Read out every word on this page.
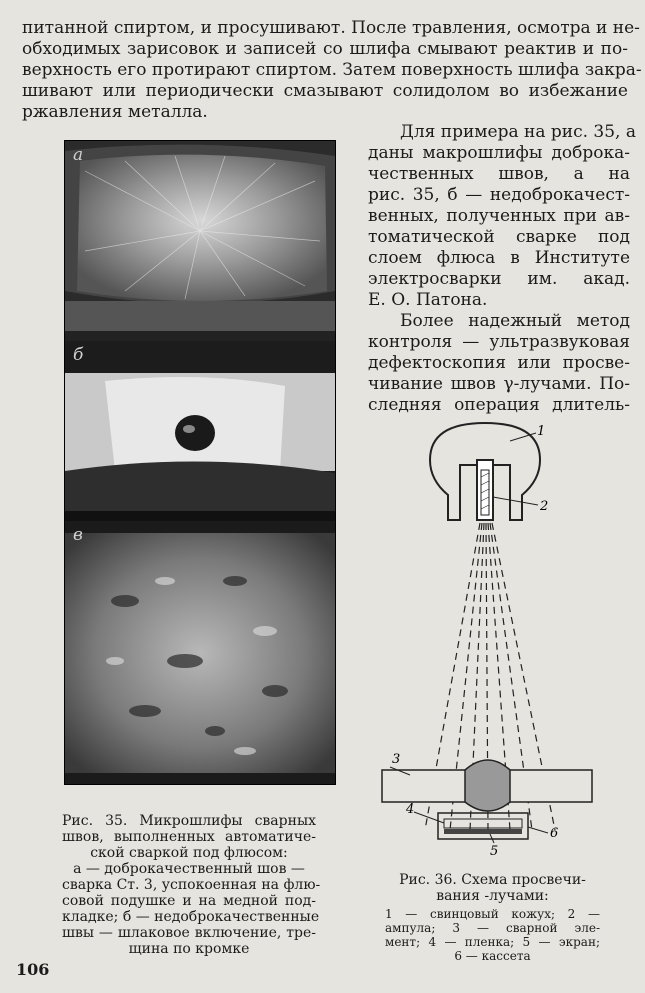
питанной спиртом, и просушивают. После травления, осмотра и не-
обходимых зарисовок и записей со шлифа смывают реактив и по-
верхность его протирают спиртом. Затем поверхность шлифа закра-
шивают или периодически смазывают солидолом во избежание
ржавления металла.
Для примера на рис. 35, а
даны макрошлифы доброка-
чественных швов, а на
рис. 35, б — недоброкачест-
венных, полученных при ав-
томатической сварке под
слоем флюса в Институте
электросварки им. акад.
Е. О. Патона.
Более надежный метод
контроля — ультразвуковая
дефектоскопия или просве-
чивание швов γ-лучами. По-
следняя операция длитель-
а
б
в
Рис. 35. Микрошлифы сварных
швов, выполненных автоматиче-
ской сваркой под флюсом:
а — доброкачественный шов —
сварка Ст. 3, успокоенная на флю-
совой подушке и на медной под-
кладке; б — недоброкачественные
швы — шлаковое включение, тре-
щина по кромке
1
2
3
4
5
6
Рис. 36. Схема просвечи-
вания -лучами:
1 — свинцовый кожух; 2 —
ампула; 3 — сварной эле-
мент; 4 — пленка; 5 — экран;
6 — кассета
106
